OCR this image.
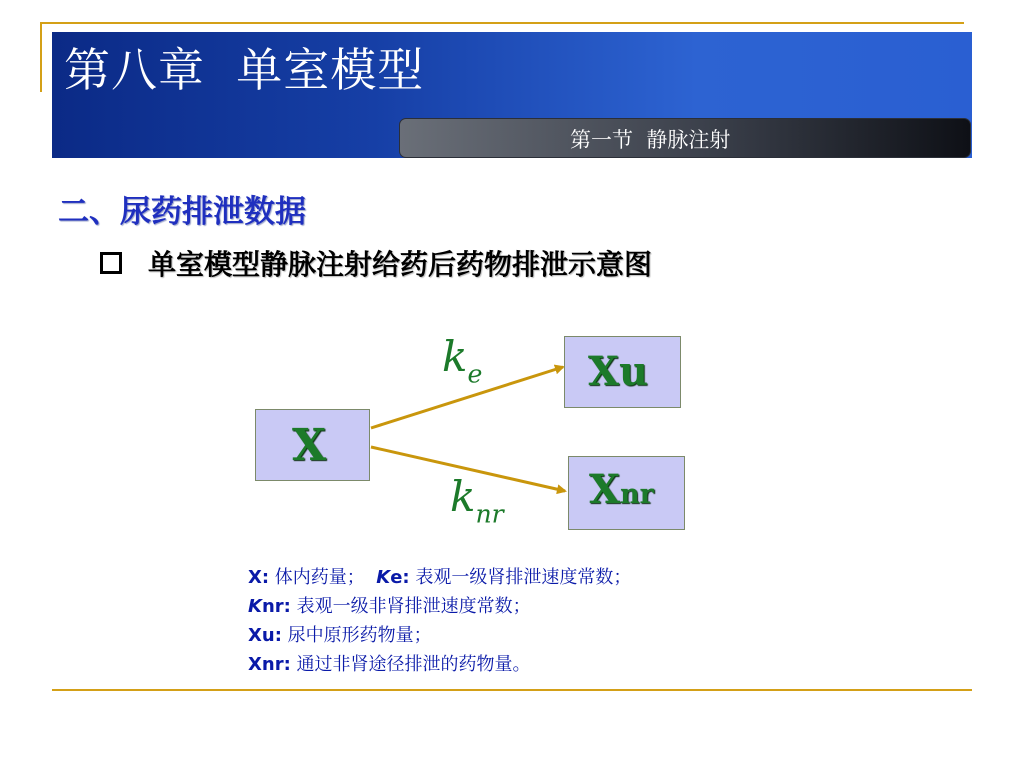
第八章  单室模型
第一节  静脉注射
二、尿药排泄数据
单室模型静脉注射给药后药物排泄示意图
X
Xu
Xnr
$k_e$
$k_{nr}$
X: 体内药量；  Ke: 表观一级肾排泄速度常数；
Knr: 表观一级非肾排泄速度常数；
Xu: 尿中原形药物量；
Xnr: 通过非肾途径排泄的药物量。
